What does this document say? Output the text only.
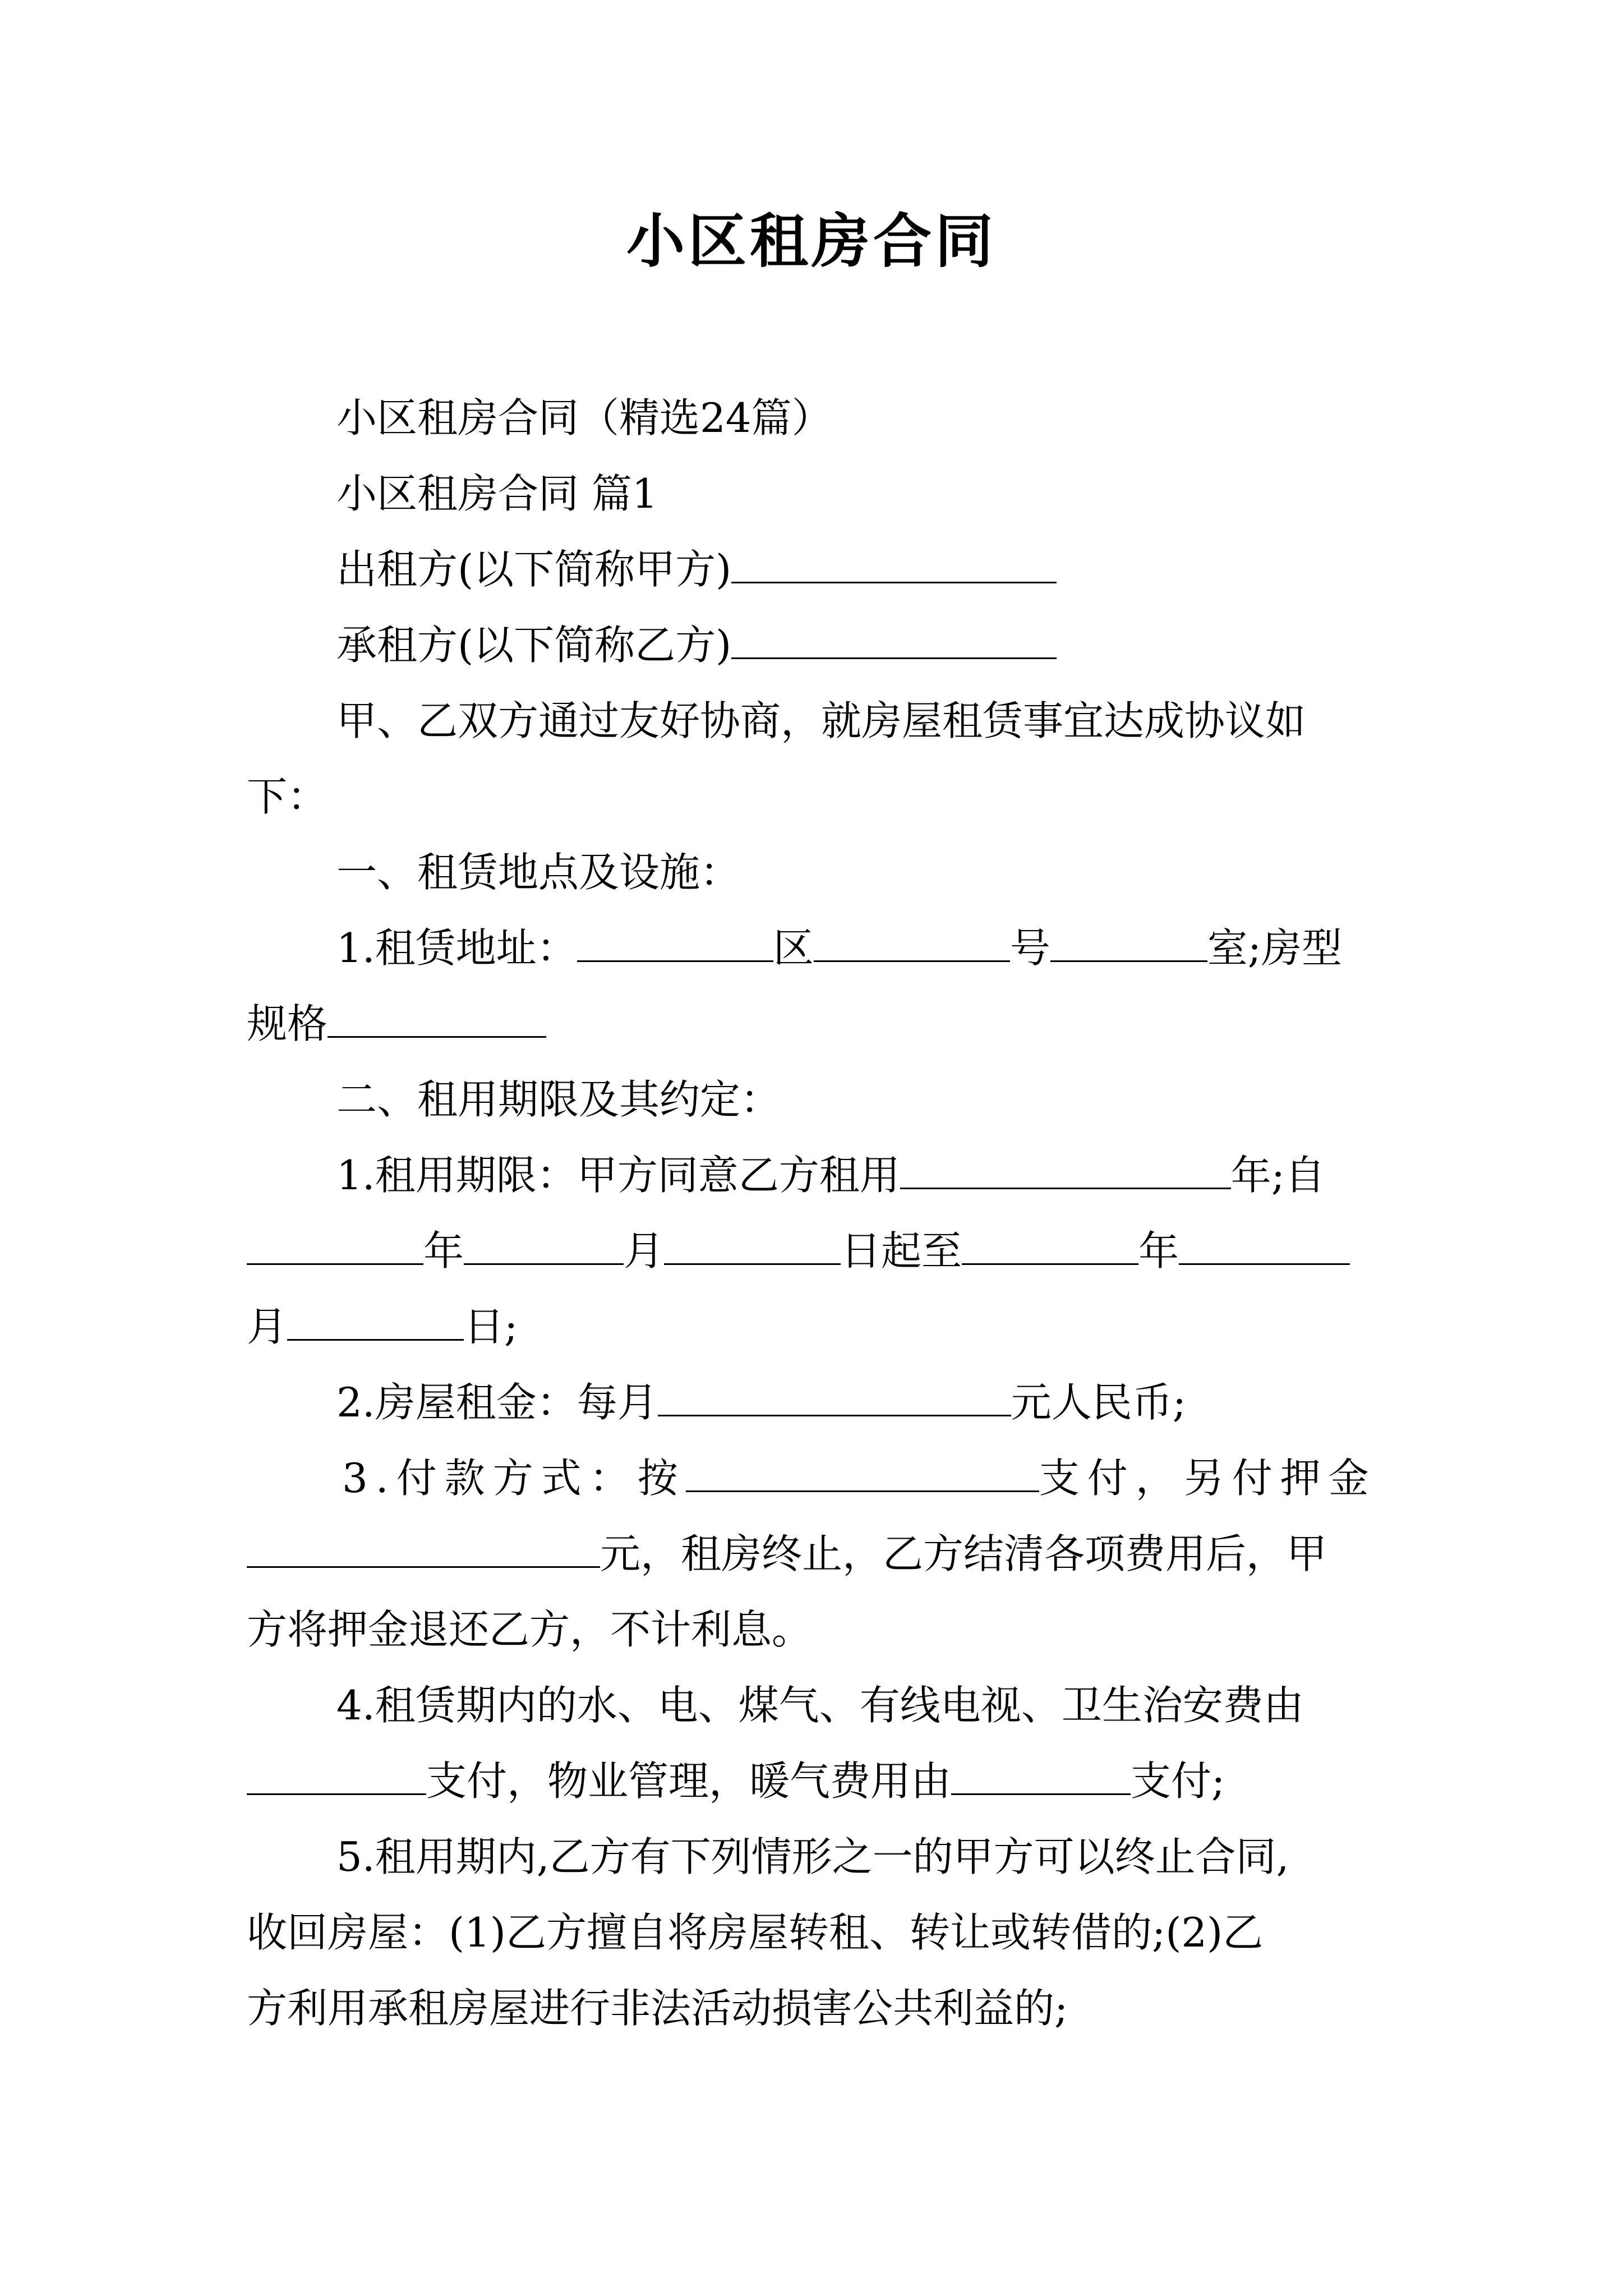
小区租房合同
小区租房合同（精选24篇）
小区租房合同 篇1
出租方(以下简称甲方)
承租方(以下简称乙方)
甲、乙双方通过友好协商，就房屋租赁事宜达成协议如
下：
一、租赁地点及设施：
1.租赁地址：	区	号	室;房型
规格
二、租用期限及其约定：
1.租用期限：甲方同意乙方租用	年;自
年	月	日起至	年
月	日;
2.房屋租金：每月	元人民币;
3.付款方式：按	支付，另付押金
元，租房终止，乙方结清各项费用后，甲
方将押金退还乙方，不计利息。
4.租赁期内的水、电、煤气、有线电视、卫生治安费由
支付，物业管理，暖气费用由	支付;
5.租用期内,乙方有下列情形之一的甲方可以终止合同,
收回房屋：(1)乙方擅自将房屋转租、转让或转借的;(2)乙
方利用承租房屋进行非法活动损害公共利益的;
